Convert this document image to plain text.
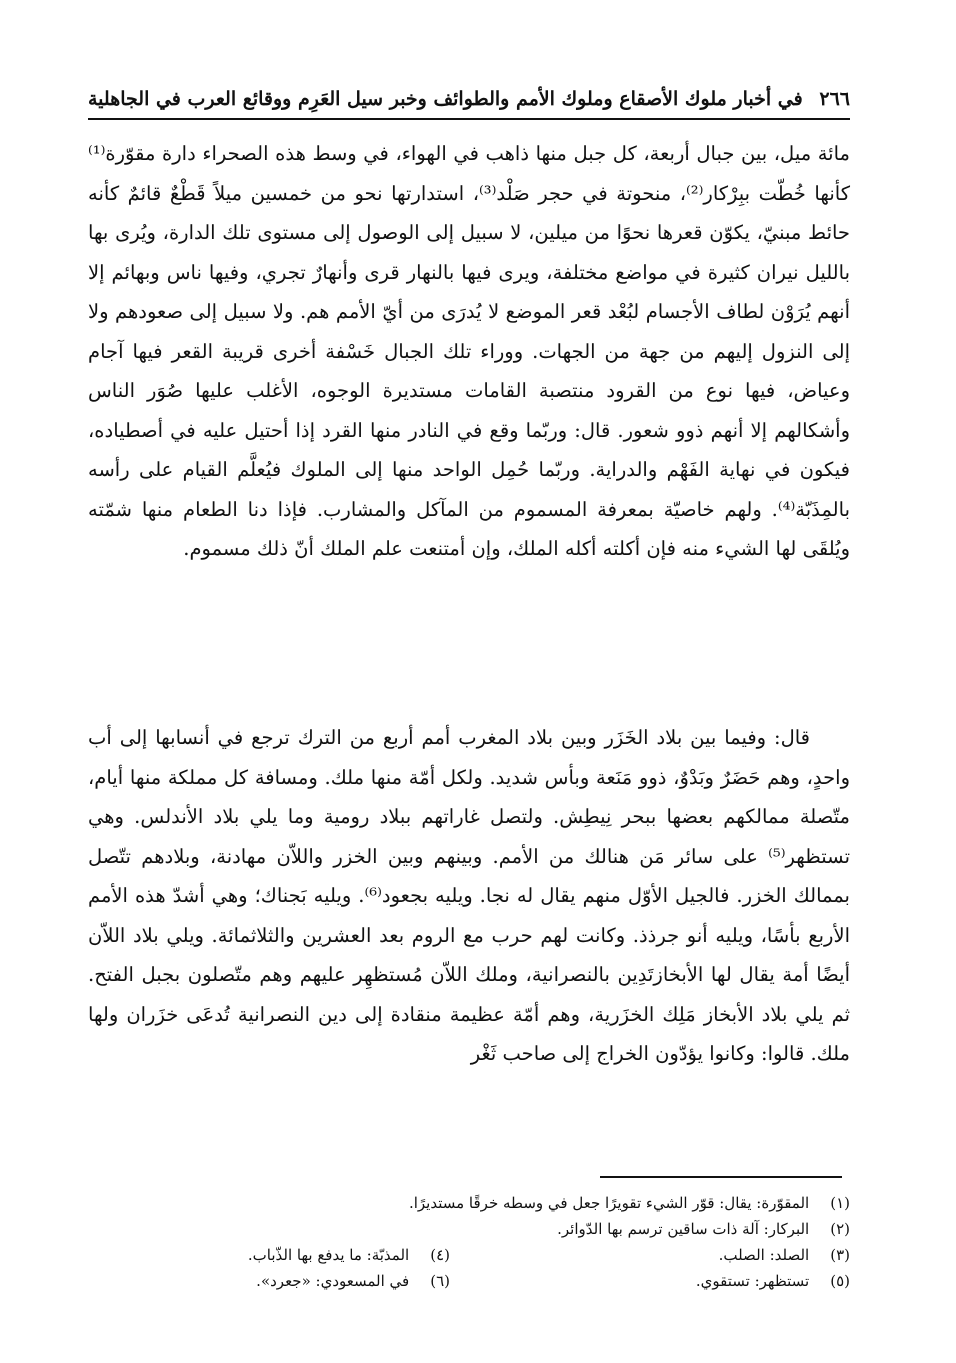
٢٦٦
في أخبار ملوك الأصقاع وملوك الأمم والطوائف وخبر سيل العَرِم ووقائع العرب في الجاهلية

مائة ميل، بين جبال أربعة، كل جبل منها ذاهب في الهواء، في وسط هذه الصحراء دارة مقوّرة⁽¹⁾ كأنها خُطّت ببِرْكار⁽²⁾، منحوتة في حجر صَلْد⁽³⁾، استدارتها نحو من خمسين ميلاً قَطْعٌ قائمٌ كأنه حائط مبنيّ، يكوّن قعرها نحوًا من ميلين، لا سبيل إلى الوصول إلى مستوى تلك الدارة، ويُرى بها بالليل نيران كثيرة في مواضع مختلفة، ويرى فيها بالنهار قرى وأنهارٌ تجري، وفيها ناس وبهائم إلا أنهم يُرَوْن لطاف الأجسام لبُعْد قعر الموضع لا يُدرَى من أيّ الأمم هم. ولا سبيل إلى صعودهم ولا إلى النزول إليهم من جهة من الجهات. ووراء تلك الجبال خَسْفة أخرى قريبة القعر فيها آجام وعياض، فيها نوع من القرود منتصبة القامات مستديرة الوجوه، الأغلب عليها صُوَر الناس وأشكالهم إلا أنهم ذوو شعور. قال: وربّما وقع في النادر منها القرد إذا أحتيل عليه في أصطياده، فيكون في نهاية الفَهْم والدراية. وربّما حُمِل الواحد منها إلى الملوك فيُعلَّم القيام على رأسه بالمِذَبّة⁽⁴⁾. ولهم خاصيّة بمعرفة المسموم من المآكل والمشارب. فإذا دنا الطعام منها شمّته ويُلقَى لها الشيء منه فإن أكلته أكله الملك، وإن أمتنعت علم الملك أنّ ذلك مسموم.

قال: وفيما بين بلاد الخَزَر وبين بلاد المغرب أمم أربع من الترك ترجع في أنسابها إلى أب واحدٍ، وهم حَضَرٌ وبَدْوٌ، ذوو مَنَعة وبأس شديد. ولكل أمّة منها ملك. ومسافة كل مملكة منها أيام، متّصلة ممالكهم بعضها ببحر نِيطِش. ولتصل غاراتهم ببلاد رومية وما يلي بلاد الأندلس. وهي تستظهر⁽⁵⁾ على سائر مَن هنالك من الأمم. وبينهم وبين الخزر واللاّن مهادنة، وبلادهم تتّصل بممالك الخزر. فالجيل الأوّل منهم يقال له نجا. ويليه بجعود⁽⁶⁾. ويليه بَجناك؛ وهي أشدّ هذه الأمم الأربع بأسًا، ويليه أنو جرذذ. وكانت لهم حرب مع الروم بعد العشرين والثلاثمائة. ويلي بلاد اللاّن أيضًا أمة يقال لها الأبخازتَدِين بالنصرانية، وملك اللاّن مُستظهِر عليهم وهم متّصلون بجبل الفتح. ثم يلي بلاد الأبخاز مَلِك الخزَرية، وهم أمّة عظيمة منقادة إلى دين النصرانية تُدعَى خزَران ولها ملك. قالوا: وكانوا يؤدّون الخراج إلى صاحب ثَغْر

(١) المقوّرة: يقال: قوّر الشيء تقويرًا جعل في وسطه خرقًا مستديرًا.
(٢) البركار: آلة ذات ساقين ترسم بها الدّوائر.
(٣) الصلد: الصلب.
(٤) المذبّة: ما يدفع بها الذّباب.
(٥) تستظهر: تستقوي.
(٦) في المسعودي: «جعرد».
